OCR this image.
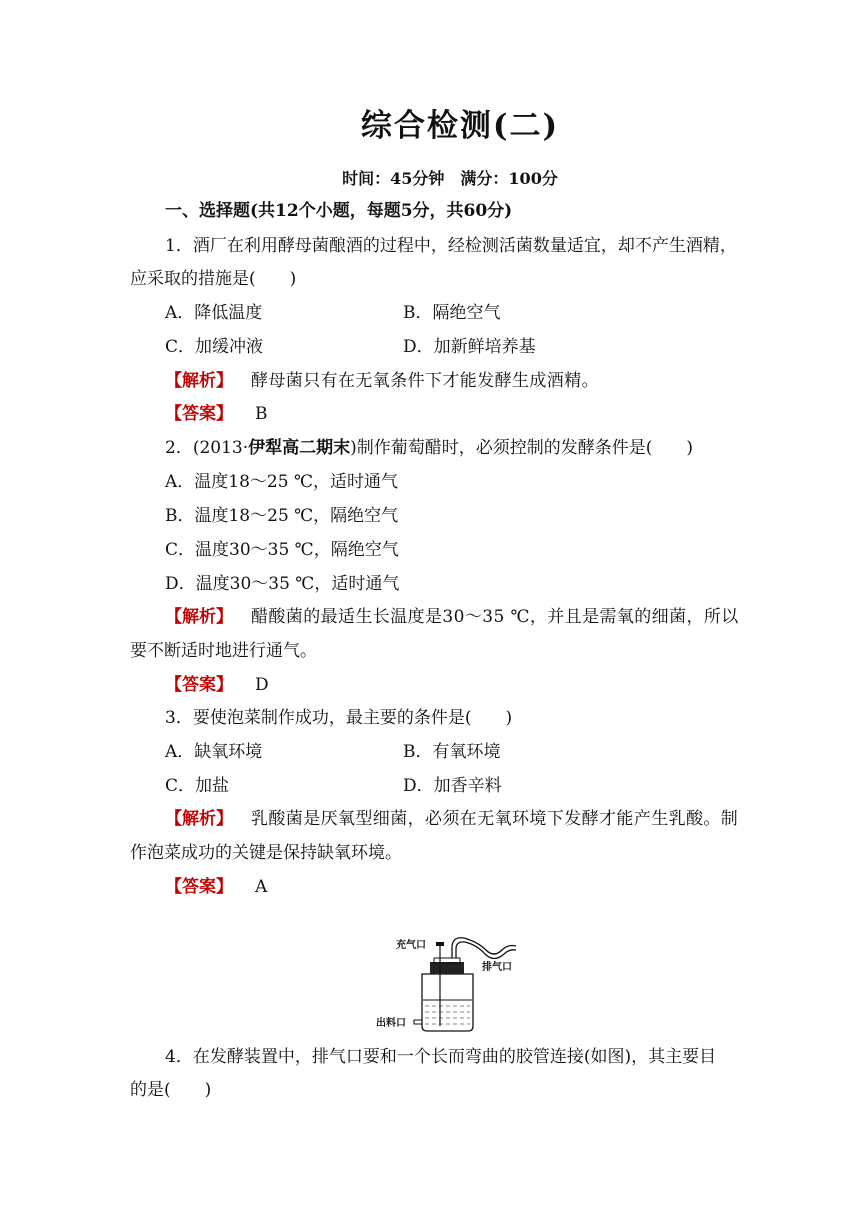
综合检测(二)
时间：45分钟　满分：100分
一、选择题(共12个小题，每题5分，共60分)
1．酒厂在利用酵母菌酿酒的过程中，经检测活菌数量适宜，却不产生酒精，
应采取的措施是(　　)
A．降低温度	B．隔绝空气
C．加缓冲液	D．加新鲜培养基
【解析】 酵母菌只有在无氧条件下才能发酵生成酒精。
【答案】 B
2．(2013·伊犁高二期末)制作葡萄醋时，必须控制的发酵条件是(　　)
A．温度18～25 ℃，适时通气
B．温度18～25 ℃，隔绝空气
C．温度30～35 ℃，隔绝空气
D．温度30～35 ℃，适时通气
【解析】 醋酸菌的最适生长温度是30～35 ℃，并且是需氧的细菌，所以
要不断适时地进行通气。
【答案】 D
3．要使泡菜制作成功，最主要的条件是(　　)
A．缺氧环境	B．有氧环境
C．加盐	D．加香辛料
【解析】 乳酸菌是厌氧型细菌，必须在无氧环境下发酵才能产生乳酸。制
作泡菜成功的关键是保持缺氧环境。
【答案】 A
充气口
排气口
出料口
4．在发酵装置中，排气口要和一个长而弯曲的胶管连接(如图)，其主要目
的是(　　)
